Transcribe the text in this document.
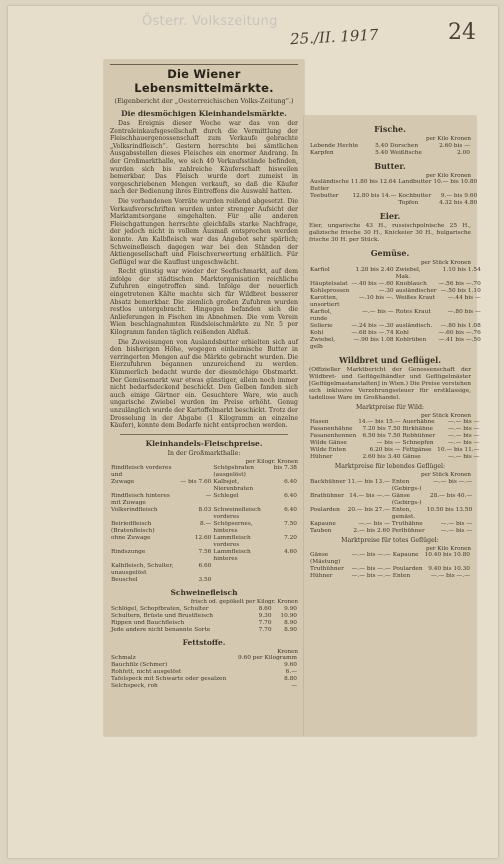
Österr. Volkszeitung
25./II. 1917	24
Die Wiener Lebensmittelmärkte.
(Eigenbericht der „Oesterreichischen Volks-Zeitung“.)
Die diesmöchigen Kleinhandelsmärkte.

Das Ereignis dieser Woche war das von der Zentraleinkaufsgesellschaft durch die Vermittlung der Fleischhauergenossenschaft zum Verkaufe gebrachte „Volksrindfleisch“. Gestern herrschte bei sämtlichen Ausgabsstellen dieses Fleisches ein enormer Andrang. In der Großmarkthalle, wo sich 40 Verkaufsstände befinden, wurden sich bis zahlreiche Käuferschaft bisweilen bemerkbar. Das Fleisch wurde dort zumeist in vorgeschriebenen Mengen verkauft, so daß die Käufer nach der Bedienung ihres Eintreffens die Auswahl hatten.

Die vorhandenen Vorräte wurden reißend abgesetzt. Die Verkaufsvorschriften wurden unter strenger Aufsicht der Marktamtsorgane eingehalten. Für alle anderen Fleischgattungen herrschte gleichfalls starke Nachfrage, der jedoch nicht in vollem Ausmaß entsprochen werden konnte. Am Kalbfleisch war das Angebot sehr spärlich; Schweinefleisch dagegen war bei den Ständen der Aktiengesellschaft und Fleischverwertung erhältlich. Für Geflügel war die Kauflust ungeschwächt.

Recht günstig war wieder der Seefischmarkt, auf dem infolge der städtischen Marktorganisation reichliche Zufuhren eingetroffen sind. Infolge der neuerlich eingetretenen Kälte machte sich für Wildbret besserer Absatz bemerkbar. Die ziemlich großen Zufuhren wurden restlos untergebracht. Hingegen befanden sich die Anlieferungen in Fischen im Abnehmen. Die vom Verein Wien beschlagnahmten Rindsleischmärkte zu Nr. 5 per Kilogramm fanden täglich reißenden Abfluß.

Die Zuweisungen von Auslandsbutter erhielten sich auf den bisherigen Höhe, wogegen einheimische Butter in verringerten Mengen auf die Märkte gebracht wurden. Die Eierzufuhren begannen unzureichend zu werden. Kümmerlich bedacht wurde der diesmöchige Obstmarkt. Der Gemüsemarkt war etwas günstiger, allein noch immer nicht bedarfsdeckend beschickt. Den Gelben fanden sich auch einige Gärtner ein. Gesuchtere Ware, wie auch ungarische Zwiebel wurden im Preise erhöht. Genug unzulänglich wurde der Kartoffelmarkt beschickt. Trotz der Drosselung in der Abgabe (1 Kilogramm an einzelne Käufer), konnte dem Bedarfe nicht entsprochen werden.

Kleinhandels-Fleischpreise.
In der Großmarkthalle:
per Kilogr. Kronen
Rindfleisch vorderes und		Schöpsbraten (ausgelöst)	bis 7.38
Zuwage	— bis 7.60	Kalbsjet, Nierenbraten	6.40
Rindfleisch hinteres mit Zuwage	—	Schlegel	6.40
Volksrindfleisch	8.03	Schweinefleisch vorderes	6.40
Beiriedfleisch (Bratenfleisch)	8.—	Schöpsernes, hinteres	7.50
ohne Zuwage	12.60	Lammfleisch vorderes	7.20
Rindszunge	7.56	Lammfleisch hinteres	4.60
Kalbfleisch, Schulter, unausgelöst	6.60		
Beuschel	3.50		
Schweinefleisch
frisch od. gepökelt per Kilogr. Kronen
Schlögel, Schopfbraten, Schulter	8.60	9.90
Schultern, Brüste und Brustfleisch	9.30	10.90
Rippen und Bauchfleisch	7.70	8.90
Jede andere nicht benannte Sorte	7.70	8.90
Fettstoffe.
Kronen
Schmalz	9.60 per Kilogramm
Bauchfilz (Schmer)	9.60
Rohfett, nicht ausgelöst	6.—
Tafelspeck mit Schwarte oder gesalzen	8.80
Selchspeck, roh	—
Fische.
per Kilo Kronen
Lebende Hechte	5.40	Dorschen	2.60 bis —
Karpfen	5.40	Weißfische	2.00
Butter.
per Kilo Kronen
Ausländische Butter	11.80 bis 12.64	Landbutter	10.— bis 10.80
Teebutter	12.80 bis 14.—	Kochbutter	9.— bis 9.60
		Topfen	4.32 bis 4.80
Eier.

Eier, ungarische 43 H., russischpolnische 25 H., galizische frische 30 H., Knickeier 30 H., bulgarische frische 30 H. per Stück.

Gemüse.
per Stück Kronen
Karfiol	1.20 bis 2.40	Zwiebel, Mak.	1.10 bis 1.54
Häuptelsalat	—.40 bis —.60	Knoblauch	—.56 bis —.70
Kohlsprossen	—.30	ausländischer	—.50 bis 1.10
Karotten, unsortiert	—.10 bis —.	Weißes Kraut	—.44 bis —
Karfiol, runde	—.— bis —	Rotes Kraut	—.80 bis —
Sellerie	—.24 bis —.30	ausländisch.	—.80 bis 1.08
Kohl	—.68 bis —.74	Kohl	—.60 bis —.76
Zwiebel, gelb	—.90 bis 1.08	Kohlrüben	—.41 bis —.50
Wildbret und Geflügel.

(Offizieller Marktbericht der Genossenschaft der Wildbret- und Geflügelhändler und Geflügelmäster [Geflügelmastanstalten] in Wien.) Die Preise verstehen sich inklusive Verzehrungssteuer für erstklassige, tadellose Ware im Großhandel.

Marktpreise für Wild:
per Stück Kronen
Hasen	14.— bis 15.—	Auerhähne	—.— bis —
Fasanenhähne	7.20 bis 7.50	Birkhähne	—.— bis —
Fasanenhennen	6.50 bis 7.50	Rebhühner	—.— bis —
Wilde Gänse	— bis —	Schnepfen	—.— bis —
Wilde Enten	6.20 bis —	Fettgänse	10.— bis 11.—
Hühner	2.60 bis 3.40	Gänse	—.— bis —
Marktpreise für lebendes Geflügel:
per Stück Kronen
Backhühner	11.— bis 13.—	Enten (Gebirgs-)	—.— bis —.—
Brathühner	14.— bis —.—	Gänse (Gebirgs-)	28.— bis 40.—
Poularden	20.— bis 27.—	Enten, gemäst.	10.50 bis 13.50
Kapaune	—.— bis —	Truthähne	—.— bis —
Tauben	2.— bis 2.60	Perlhühner	—.— bis —
Marktpreise für totes Geflügel:
per Kilo Kronen
Gänse (Mästung)	—.— bis —.—	Kapaune	10.40 bis 10.80
Truthühner	—.— bis —.—	Poularden	9.40 bis 10.30
Hühner	—.— bis —.—	Enten	—.— bis —.—
